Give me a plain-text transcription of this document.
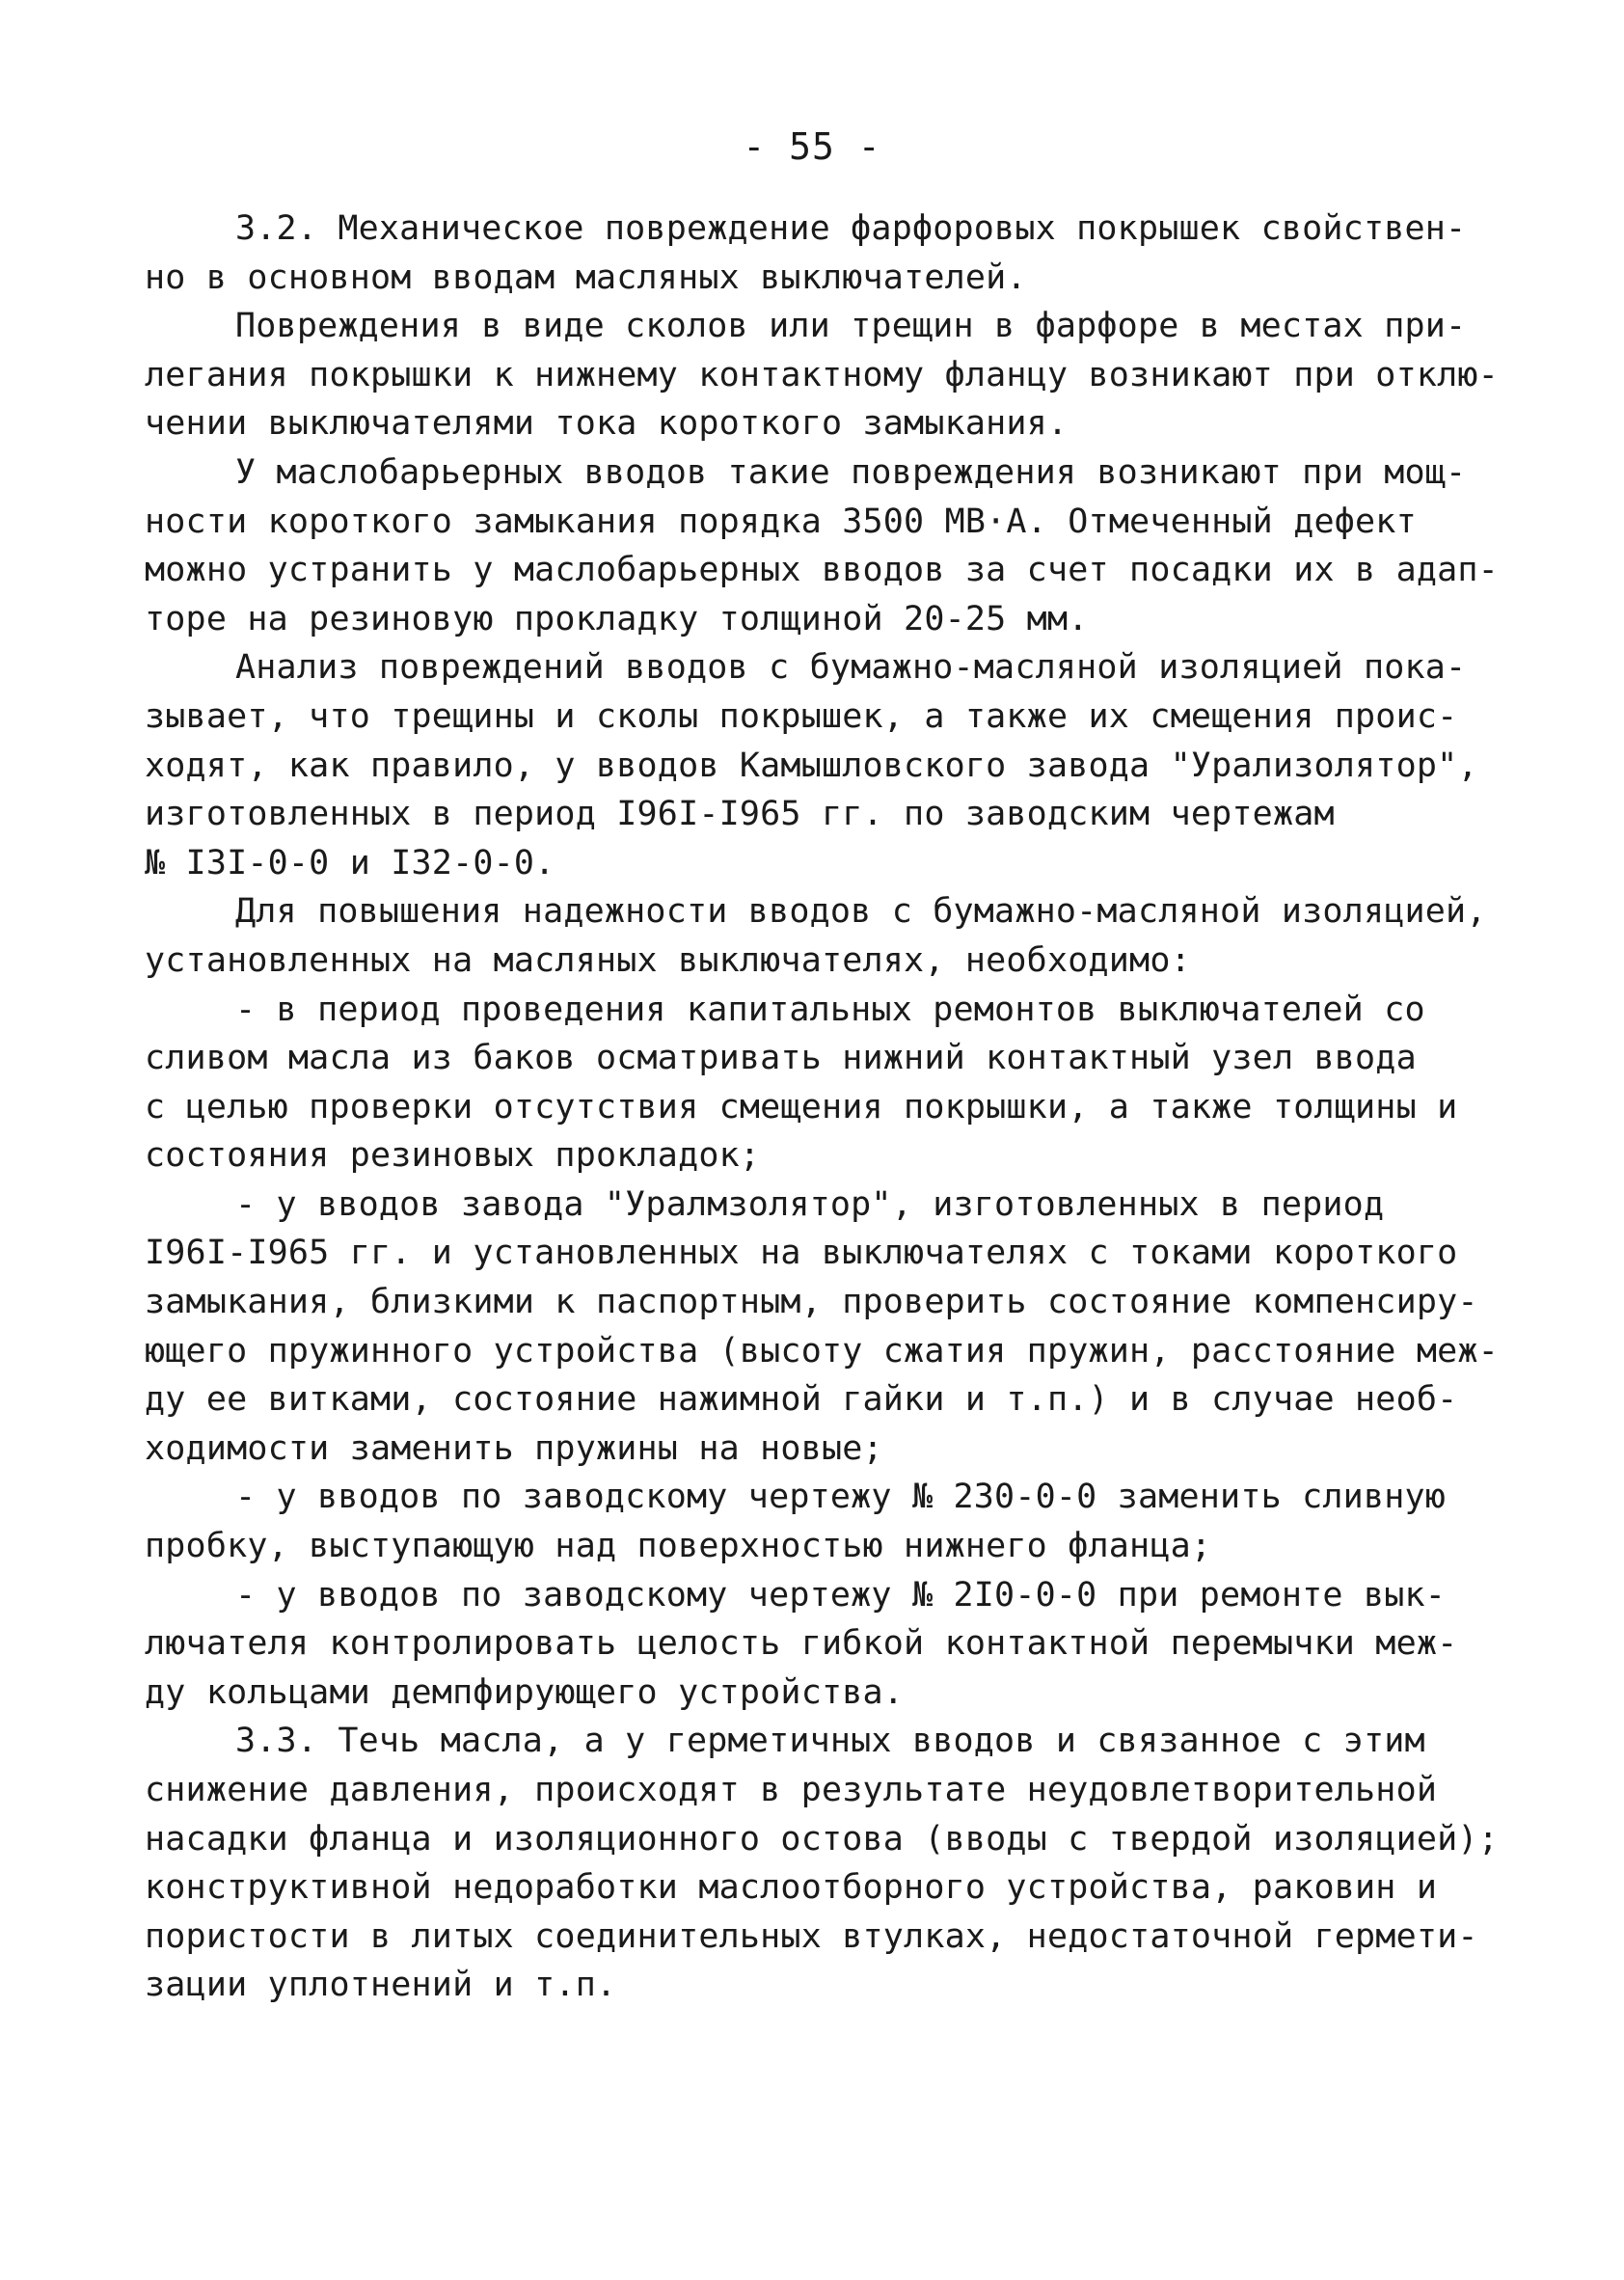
- 55 -
3.2. Механическое повреждение фарфоровых покрышек свойствен-
но в основном вводам масляных выключателей.
Повреждения в виде сколов или трещин в фарфоре в местах при-
легания покрышки к нижнему контактному фланцу возникают при отклю-
чении выключателями тока короткого замыкания.
У маслобарьерных вводов такие повреждения возникают при мощ-
ности короткого замыкания порядка 3500 МВ·А. Отмеченный дефект
можно устранить у маслобарьерных вводов за счет посадки их в адап-
торе на резиновую прокладку толщиной 20-25 мм.
Анализ повреждений вводов с бумажно-масляной изоляцией пока-
зывает, что трещины и сколы покрышек, а также их смещения проис-
ходят, как правило, у вводов Камышловского завода "Урализолятор",
изготовленных в период I96I-I965 гг. по заводским чертежам
№ I3I-0-0 и I32-0-0.
Для повышения надежности вводов с бумажно-масляной изоляцией,
установленных на масляных выключателях, необходимо:
- в период проведения капитальных ремонтов выключателей со
сливом масла из баков осматривать нижний контактный узел ввода
с целью проверки отсутствия смещения покрышки, а также толщины и
состояния резиновых прокладок;
- у вводов завода "Уралмзолятор", изготовленных в период
I96I-I965 гг. и установленных на выключателях с токами короткого
замыкания, близкими к паспортным, проверить состояние компенсиру-
ющего пружинного устройства (высоту сжатия пружин, расстояние меж-
ду ее витками, состояние нажимной гайки и т.п.) и в случае необ-
ходимости заменить пружины на новые;
- у вводов по заводскому чертежу № 230-0-0 заменить сливную
пробку, выступающую над поверхностью нижнего фланца;
- у вводов по заводскому чертежу № 2I0-0-0 при ремонте вык-
лючателя контролировать целость гибкой контактной перемычки меж-
ду кольцами демпфирующего устройства.
3.3. Течь масла, а у герметичных вводов и связанное с этим
снижение давления, происходят в результате неудовлетворительной
насадки фланца и изоляционного остова (вводы с твердой изоляцией);
конструктивной недоработки маслоотборного устройства, раковин и
пористости в литых соединительных втулках, недостаточной гермети-
зации уплотнений и т.п.
